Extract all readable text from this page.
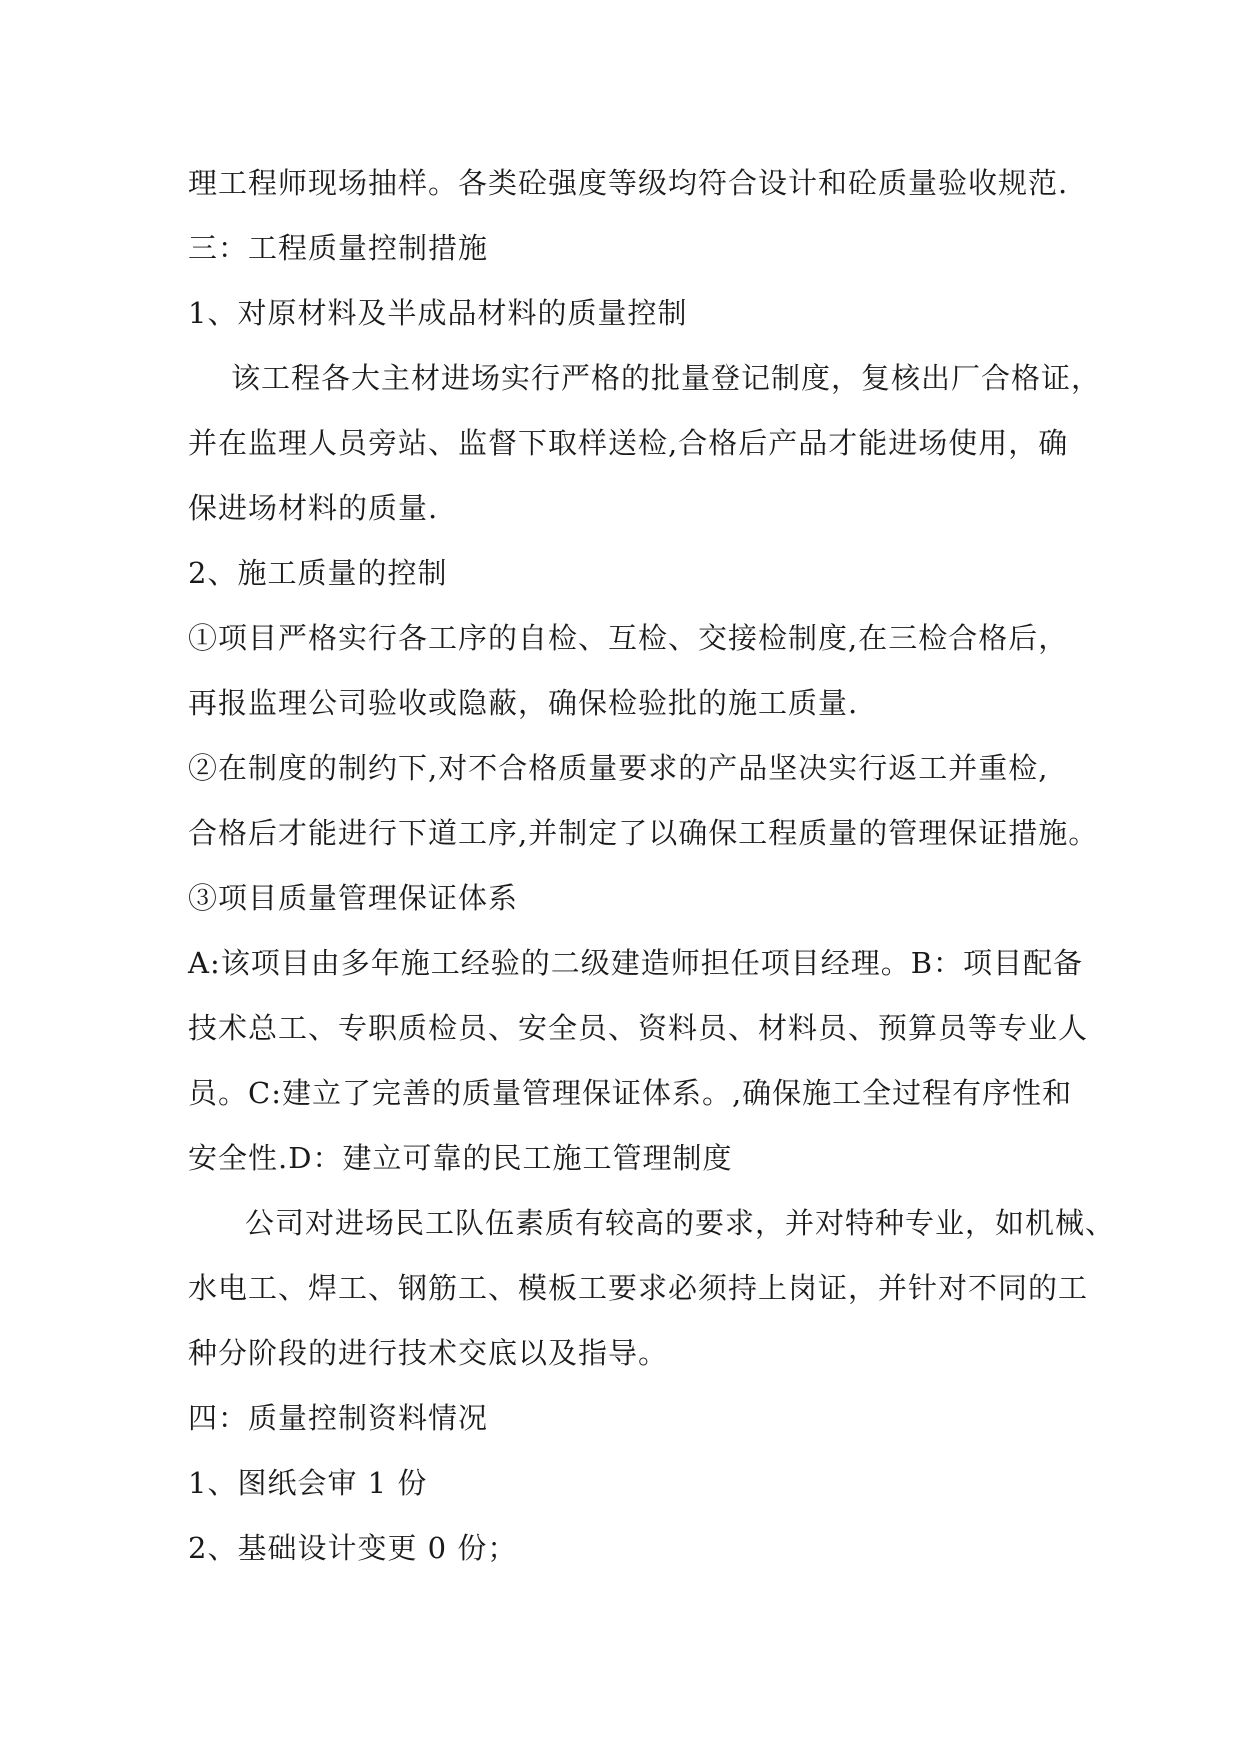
理工程师现场抽样。各类砼强度等级均符合设计和砼质量验收规范.
三：工程质量控制措施
1、对原材料及半成品材料的质量控制
该工程各大主材进场实行严格的批量登记制度，复核出厂合格证，
并在监理人员旁站、监督下取样送检,合格后产品才能进场使用，确
保进场材料的质量.
2、施工质量的控制
①项目严格实行各工序的自检、互检、交接检制度,在三检合格后，
再报监理公司验收或隐蔽，确保检验批的施工质量.
②在制度的制约下,对不合格质量要求的产品坚决实行返工并重检,
合格后才能进行下道工序,并制定了以确保工程质量的管理保证措施。
③项目质量管理保证体系
A:该项目由多年施工经验的二级建造师担任项目经理。B：项目配备
技术总工、专职质检员、安全员、资料员、材料员、预算员等专业人
员。C:建立了完善的质量管理保证体系。,确保施工全过程有序性和
安全性.D：建立可靠的民工施工管理制度
公司对进场民工队伍素质有较高的要求，并对特种专业，如机械、
水电工、焊工、钢筋工、模板工要求必须持上岗证，并针对不同的工
种分阶段的进行技术交底以及指导。
四：质量控制资料情况
1、图纸会审 1 份
2、基础设计变更 0 份；
